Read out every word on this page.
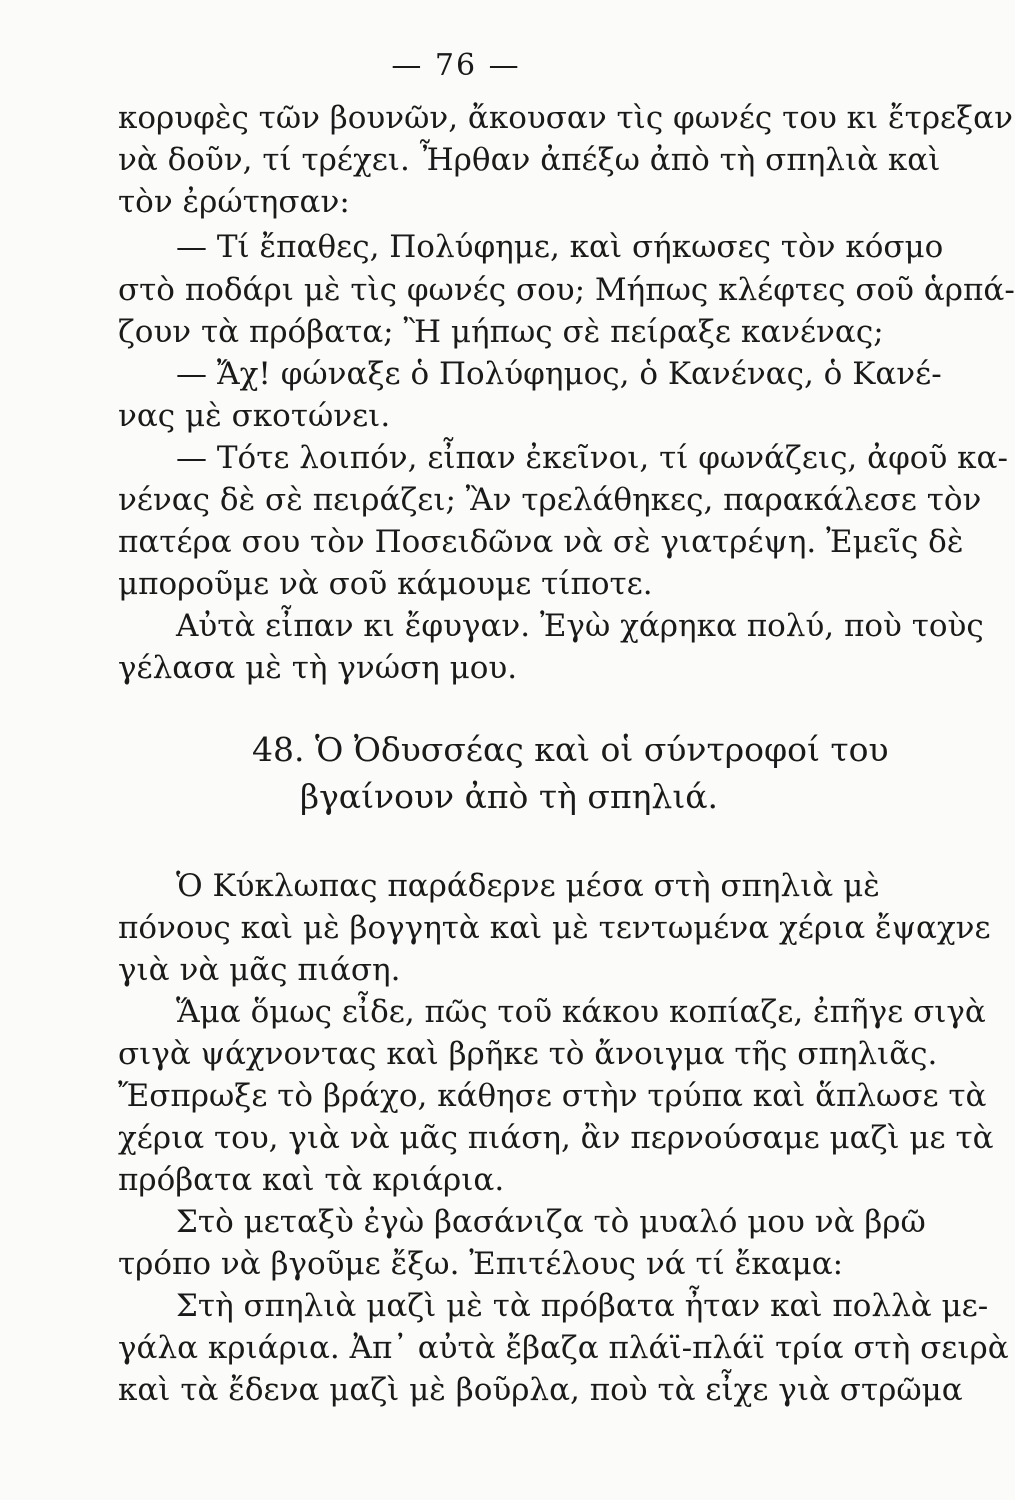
— 76 —
κορυφὲς τῶν βουνῶν, ἄκουσαν τὶς φωνές του κι ἔτρεξαν
νὰ δοῦν, τί τρέχει. Ἦρθαν ἀπέξω ἀπὸ τὴ σπηλιὰ καὶ
τὸν ἐρώτησαν:
— Τί ἔπαθες, Πολύφημε, καὶ σήκωσες τὸν κόσμο
στὸ ποδάρι μὲ τὶς φωνές σου; Μήπως κλέφτες σοῦ ἁρπά-
ζουν τὰ πρόβατα; Ἢ μήπως σὲ πείραξε κανένας;
— Ἄχ! φώναξε ὁ Πολύφημος, ὁ Κανένας, ὁ Κανέ-
νας μὲ σκοτώνει.
— Τότε λοιπόν, εἶπαν ἐκεῖνοι, τί φωνάζεις, ἀφοῦ κα-
νένας δὲ σὲ πειράζει; Ἂν τρελάθηκες, παρακάλεσε τὸν
πατέρα σου τὸν Ποσειδῶνα νὰ σὲ γιατρέψη. Ἐμεῖς δὲ
μποροῦμε νὰ σοῦ κάμουμε τίποτε.
Αὐτὰ εἶπαν κι ἔφυγαν. Ἐγὼ χάρηκα πολύ, ποὺ τοὺς
γέλασα μὲ τὴ γνώση μου.
48. Ὁ Ὀδυσσέας καὶ οἱ σύντροφοί του
βγαίνουν ἀπὸ τὴ σπηλιά.
Ὁ Κύκλωπας παράδερνε μέσα στὴ σπηλιὰ μὲ
πόνους καὶ μὲ βογγητὰ καὶ μὲ τεντωμένα χέρια ἔψαχνε
γιὰ νὰ μᾶς πιάση.
Ἅμα ὅμως εἶδε, πῶς τοῦ κάκου κοπίαζε, ἐπῆγε σιγὰ
σιγὰ ψάχνοντας καὶ βρῆκε τὸ ἄνοιγμα τῆς σπηλιᾶς.
Ἔσπρωξε τὸ βράχο, κάθησε στὴν τρύπα καὶ ἅπλωσε τὰ
χέρια του, γιὰ νὰ μᾶς πιάση, ἂν περνούσαμε μαζὶ με τὰ
πρόβατα καὶ τὰ κριάρια.
Στὸ μεταξὺ ἐγὼ βασάνιζα τὸ μυαλό μου νὰ βρῶ
τρόπο νὰ βγοῦμε ἔξω. Ἐπιτέλους νά τί ἔκαμα:
Στὴ σπηλιὰ μαζὶ μὲ τὰ πρόβατα ἦταν καὶ πολλὰ με-
γάλα κριάρια. Ἀπ᾿ αὐτὰ ἔβαζα πλάϊ-πλάϊ τρία στὴ σειρὰ
καὶ τὰ ἔδενα μαζὶ μὲ βοῦρλα, ποὺ τὰ εἶχε γιὰ στρῶμα
